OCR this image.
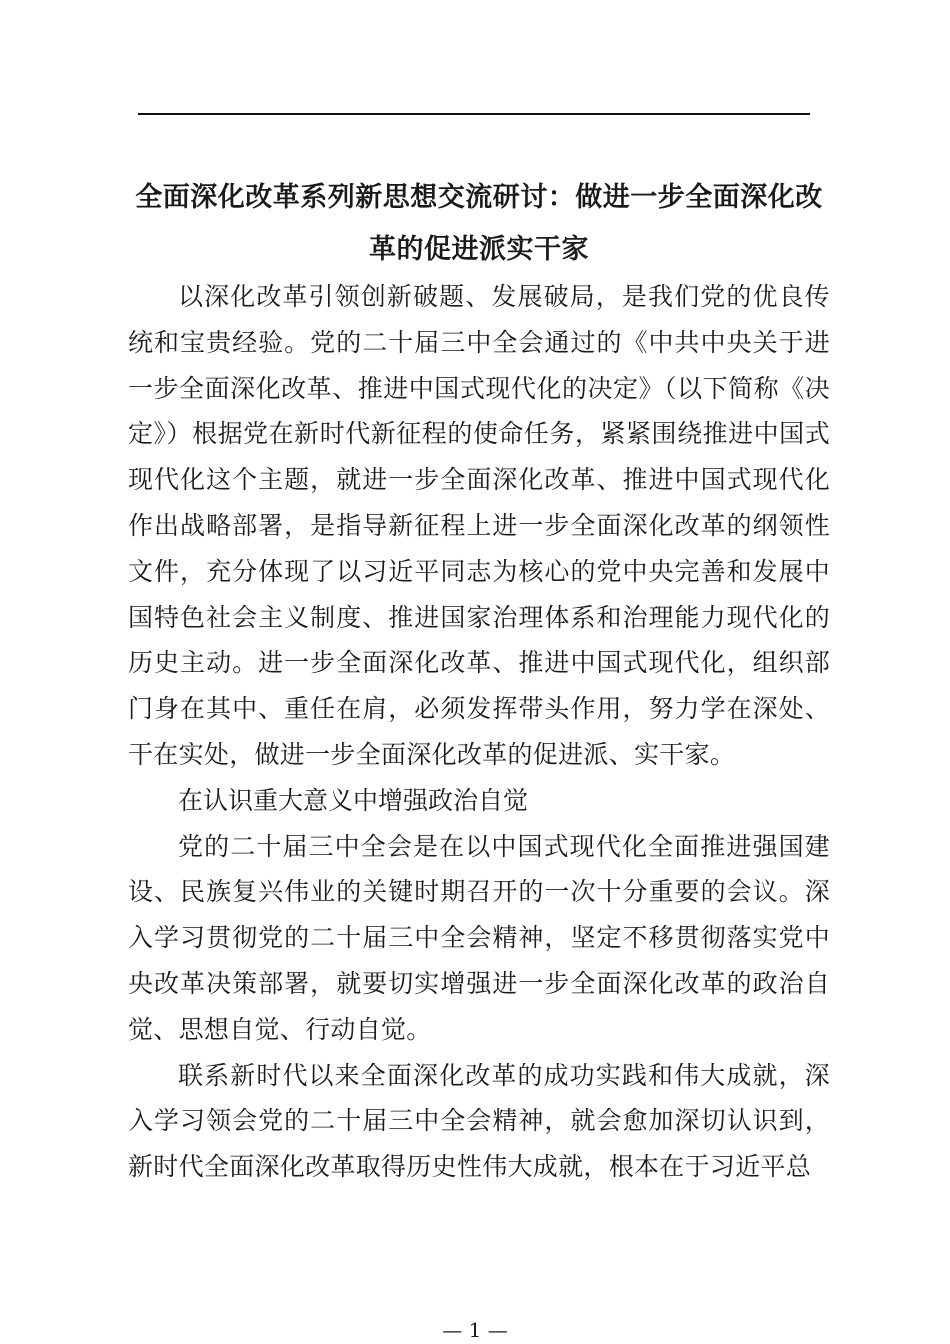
全面深化改革系列新思想交流研讨：做进一步全面深化改革的促进派实干家

以深化改革引领创新破题、发展破局，是我们党的优良传统和宝贵经验。党的二十届三中全会通过的《中共中央关于进一步全面深化改革、推进中国式现代化的决定》（以下简称《决定》）根据党在新时代新征程的使命任务，紧紧围绕推进中国式现代化这个主题，就进一步全面深化改革、推进中国式现代化作出战略部署，是指导新征程上进一步全面深化改革的纲领性文件，充分体现了以习近平同志为核心的党中央完善和发展中国特色社会主义制度、推进国家治理体系和治理能力现代化的历史主动。进一步全面深化改革、推进中国式现代化，组织部门身在其中、重任在肩，必须发挥带头作用，努力学在深处、干在实处，做进一步全面深化改革的促进派、实干家。

在认识重大意义中增强政治自觉

党的二十届三中全会是在以中国式现代化全面推进强国建设、民族复兴伟业的关键时期召开的一次十分重要的会议。深入学习贯彻党的二十届三中全会精神，坚定不移贯彻落实党中央改革决策部署，就要切实增强进一步全面深化改革的政治自觉、思想自觉、行动自觉。

联系新时代以来全面深化改革的成功实践和伟大成就，深入学习领会党的二十届三中全会精神，就会愈加深切认识到，新时代全面深化改革取得历史性伟大成就，根本在于习近平总

— 1 —
